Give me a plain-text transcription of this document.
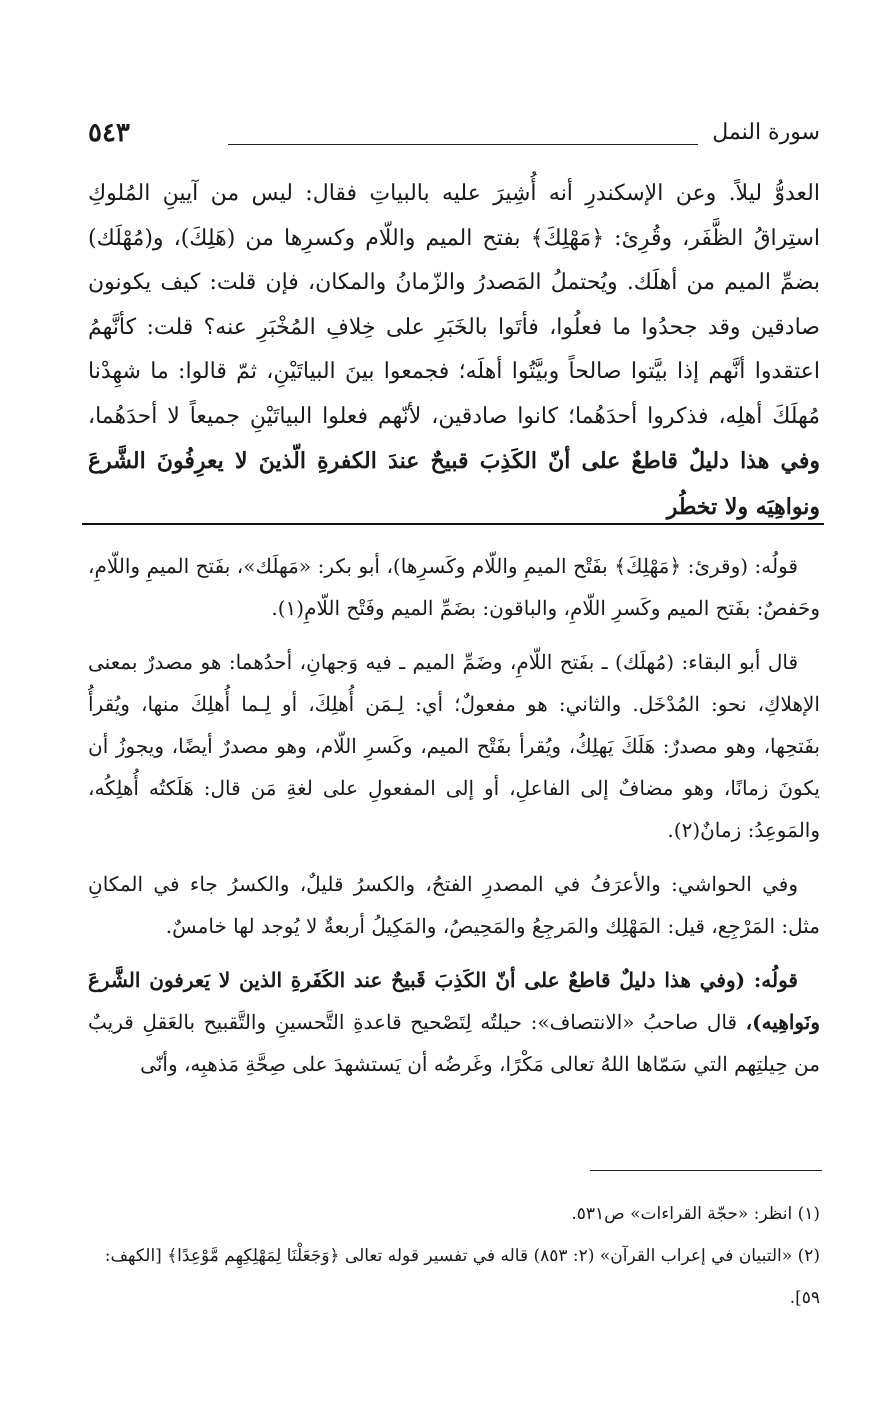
سورة النمل
٥٤٣

العدوُّ ليلاً. وعن الإسكندرِ أنه أُشِيرَ عليه بالبياتِ فقال: ليس من آيينِ المُلوكِ استِراقُ الظَّفَر، وقُرِئ: ﴿مَهْلِكَ﴾ بفتح الميم واللّام وكسرِها من (هَلِكَ)، و(مُهْلَك) بضمِّ الميم من أهلَك. ويُحتملُ المَصدرُ والزّمانُ والمكان، فإن قلت: كيف يكونون صادقين وقد جحدُوا ما فعلُوا، فأتَوا بالخَبَرِ على خِلافِ المُخْبَرِ عنه؟ قلت: كأنَّهمُ اعتقدوا أنَّهم إذا بيَّتوا صالحاً وبيَّتُوا أهلَه؛ فجمعوا بينَ البياتَيْنِ، ثمّ قالوا: ما شهِدْنا مُهلَكَ أهلِه، فذكروا أحدَهُما؛ كانوا صادقين، لأنّهم فعلوا البياتَيْنِ جميعاً لا أحدَهُما، وفي هذا دليلٌ قاطعٌ على أنّ الكَذِبَ قبيحٌ عندَ الكفرةِ الّذينَ لا يعرِفُونَ الشَّرعَ ونواهِيَه ولا تخطُر

قولُه: (وقرئ: ﴿مَهْلِكَ﴾ بفَتْح الميمِ واللّام وكَسرِها)، أبو بكر: «مَهلَك»، بفَتح الميمِ واللّامِ، وحَفصٌ: بفَتح الميم وكَسرِ اللّامِ، والباقون: بضَمِّ الميم وفَتْح اللّامِ(١).

قال أبو البقاء: (مُهلَك) ـ بفَتح اللّامِ، وضَمِّ الميم ـ فيه وَجهانِ، أحدُهما: هو مصدرٌ بمعنى الإهلاكِ، نحو: المُدْخَل. والثاني: هو مفعولٌ؛ أي: لِـمَن أُهلِكَ، أو لِـما أُهلِكَ منها، ويُقرأُ بفَتحِها، وهو مصدرٌ: هَلَكَ يَهلِكُ، ويُقرأ بفَتْح الميم، وكَسرِ اللّام، وهو مصدرٌ أيضًا، ويجوزُ أن يكونَ زمانًا، وهو مضافٌ إلى الفاعلِ، أو إلى المفعولِ على لغةِ مَن قال: هَلَكتُه أُهلِكُه، والمَوعِدُ: زمانٌ(٢).

وفي الحواشي: والأعرَفُ في المصدرِ الفتحُ، والكسرُ قليلٌ، والكسرُ جاء في المكانِ مثل: المَرْجِع، قيل: المَهْلِك والمَرجِعُ والمَحِيصُ، والمَكِيلُ أربعةٌ لا يُوجد لها خامسٌ.

قولُه: (وفي هذا دليلٌ قاطعٌ على أنّ الكَذِبَ قَبيحٌ عند الكَفَرةِ الذين لا يَعرفون الشَّرعَ ونَواهِيه)، قال صاحبُ «الانتصاف»: حيلتُه لِتَصْحيح قاعدةِ التَّحسينِ والتَّقبيح بالعَقلِ قريبٌ من حِيلتِهم التي سَمّاها اللهُ تعالى مَكْرًا، وغَرضُه أن يَستشهدَ على صِحَّةِ مَذهبِه، وأنّى

(١) انظر: «حجّة القراءات» ص٥٣١.

(٢) «التبيان في إعراب القرآن» (٢: ٨٥٣) قاله في تفسير قوله تعالى ﴿وَجَعَلْنَا لِمَهْلِكِهِم مَّوْعِدًا﴾ [الكهف: ٥٩].
